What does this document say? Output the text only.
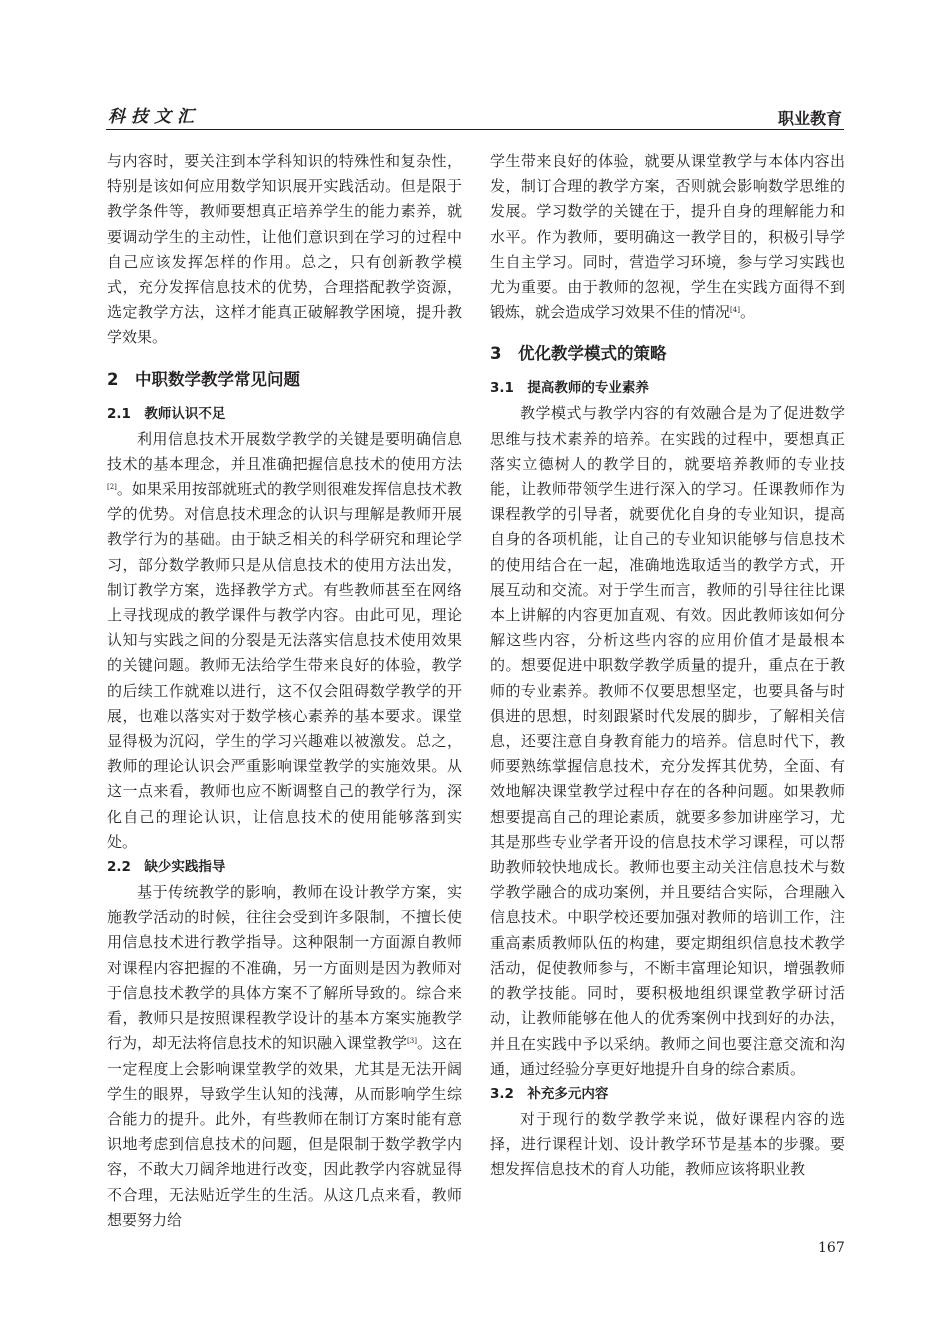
科技文汇	职业教育

与内容时，要关注到本学科知识的特殊性和复杂性，特别是该如何应用数学知识展开实践活动。但是限于教学条件等，教师要想真正培养学生的能力素养，就要调动学生的主动性，让他们意识到在学习的过程中自己应该发挥怎样的作用。总之，只有创新教学模式，充分发挥信息技术的优势，合理搭配教学资源，选定教学方法，这样才能真正破解教学困境，提升教学效果。

2　中职数学教学常见问题
2.1　教师认识不足

利用信息技术开展数学教学的关键是要明确信息技术的基本理念，并且准确把握信息技术的使用方法[2]。如果采用按部就班式的教学则很难发挥信息技术教学的优势。对信息技术理念的认识与理解是教师开展教学行为的基础。由于缺乏相关的科学研究和理论学习，部分数学教师只是从信息技术的使用方法出发，制订教学方案，选择教学方式。有些教师甚至在网络上寻找现成的教学课件与教学内容。由此可见，理论认知与实践之间的分裂是无法落实信息技术使用效果的关键问题。教师无法给学生带来良好的体验，教学的后续工作就难以进行，这不仅会阻碍数学教学的开展，也难以落实对于数学核心素养的基本要求。课堂显得极为沉闷，学生的学习兴趣难以被激发。总之，教师的理论认识会严重影响课堂教学的实施效果。从这一点来看，教师也应不断调整自己的教学行为，深化自己的理论认识，让信息技术的使用能够落到实处。

2.2　缺少实践指导

基于传统教学的影响，教师在设计教学方案，实施教学活动的时候，往往会受到许多限制，不擅长使用信息技术进行教学指导。这种限制一方面源自教师对课程内容把握的不准确，另一方面则是因为教师对于信息技术教学的具体方案不了解所导致的。综合来看，教师只是按照课程教学设计的基本方案实施教学行为，却无法将信息技术的知识融入课堂教学[3]。这在一定程度上会影响课堂教学的效果，尤其是无法开阔学生的眼界，导致学生认知的浅薄，从而影响学生综合能力的提升。此外，有些教师在制订方案时能有意识地考虑到信息技术的问题，但是限制于数学教学内容，不敢大刀阔斧地进行改变，因此教学内容就显得不合理，无法贴近学生的生活。从这几点来看，教师想要努力给

学生带来良好的体验，就要从课堂教学与本体内容出发，制订合理的教学方案，否则就会影响数学思维的发展。学习数学的关键在于，提升自身的理解能力和水平。作为教师，要明确这一教学目的，积极引导学生自主学习。同时，营造学习环境，参与学习实践也尤为重要。由于教师的忽视，学生在实践方面得不到锻炼，就会造成学习效果不佳的情况[4]。

3　优化教学模式的策略
3.1　提高教师的专业素养

教学模式与教学内容的有效融合是为了促进数学思维与技术素养的培养。在实践的过程中，要想真正落实立德树人的教学目的，就要培养教师的专业技能，让教师带领学生进行深入的学习。任课教师作为课程教学的引导者，就要优化自身的专业知识，提高自身的各项机能，让自己的专业知识能够与信息技术的使用结合在一起，准确地选取适当的教学方式，开展互动和交流。对于学生而言，教师的引导往往比课本上讲解的内容更加直观、有效。因此教师该如何分解这些内容，分析这些内容的应用价值才是最根本的。想要促进中职数学教学质量的提升，重点在于教师的专业素养。教师不仅要思想坚定，也要具备与时俱进的思想，时刻跟紧时代发展的脚步，了解相关信息，还要注意自身教育能力的培养。信息时代下，教师要熟练掌握信息技术，充分发挥其优势，全面、有效地解决课堂教学过程中存在的各种问题。如果教师想要提高自己的理论素质，就要多参加讲座学习，尤其是那些专业学者开设的信息技术学习课程，可以帮助教师较快地成长。教师也要主动关注信息技术与数学教学融合的成功案例，并且要结合实际，合理融入信息技术。中职学校还要加强对教师的培训工作，注重高素质教师队伍的构建，要定期组织信息技术教学活动，促使教师参与，不断丰富理论知识，增强教师的教学技能。同时，要积极地组织课堂教学研讨活动，让教师能够在他人的优秀案例中找到好的办法，并且在实践中予以采纳。教师之间也要注意交流和沟通，通过经验分享更好地提升自身的综合素质。

3.2　补充多元内容

对于现行的数学教学来说，做好课程内容的选择，进行课程计划、设计教学环节是基本的步骤。要想发挥信息技术的育人功能，教师应该将职业教

167
